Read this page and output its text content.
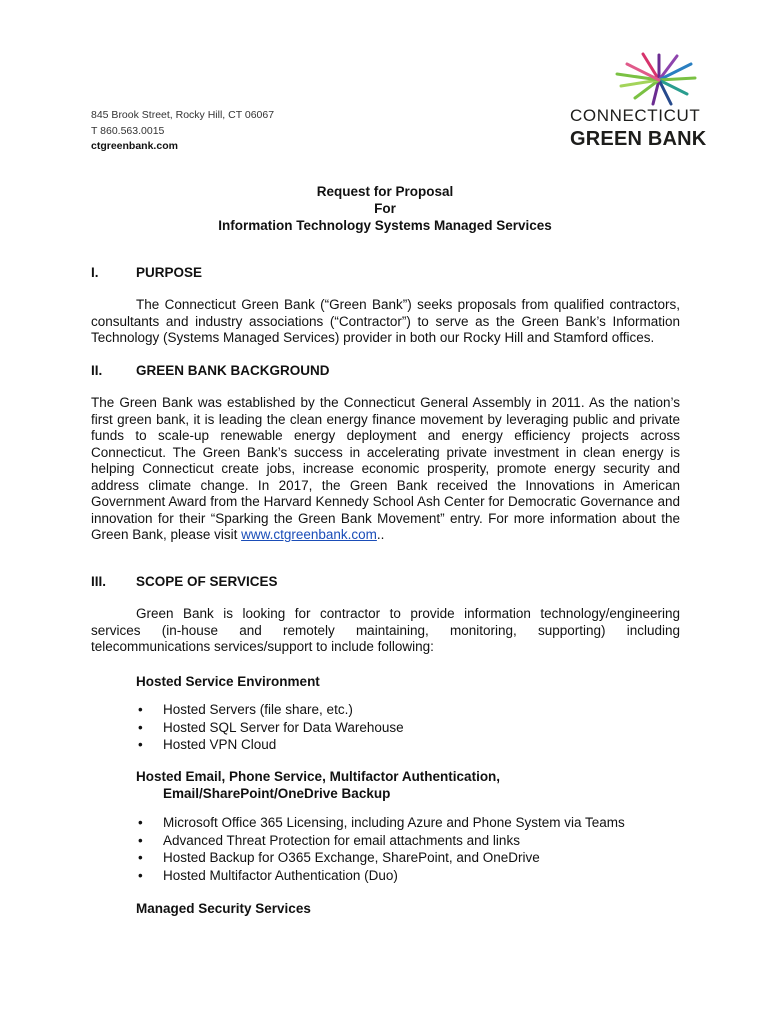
845 Brook Street, Rocky Hill, CT 06067
T 860.563.0015
ctgreenbank.com
CONNECTICUT
GREEN BANK
Request for Proposal
For
Information Technology Systems Managed Services
I.	PURPOSE
The Connecticut Green Bank (“Green Bank”) seeks proposals from qualified contractors, consultants and industry associations (“Contractor”) to serve as the Green Bank’s Information Technology (Systems Managed Services) provider in both our Rocky Hill and Stamford offices.
II. GREEN BANK BACKGROUND
The Green Bank was established by the Connecticut General Assembly in 2011. As the nation’s first green bank, it is leading the clean energy finance movement by leveraging public and private funds to scale-up renewable energy deployment and energy efficiency projects across Connecticut. The Green Bank’s success in accelerating private investment in clean energy is helping Connecticut create jobs, increase economic prosperity, promote energy security and address climate change. In 2017, the Green Bank received the Innovations in American Government Award from the Harvard Kennedy School Ash Center for Democratic Governance and innovation for their “Sparking the Green Bank Movement” entry. For more information about the Green Bank, please visit www.ctgreenbank.com..
III. SCOPE OF SERVICES
Green Bank is looking for contractor to provide information technology/engineering services (in-house and remotely maintaining, monitoring, supporting) including telecommunications services/support to include following:
Hosted Service Environment
• Hosted Servers (file share, etc.)
• Hosted SQL Server for Data Warehouse
• Hosted VPN Cloud
Hosted Email, Phone Service, Multifactor Authentication,
Email/SharePoint/OneDrive Backup
• Microsoft Office 365 Licensing, including Azure and Phone System via Teams
• Advanced Threat Protection for email attachments and links
• Hosted Backup for O365 Exchange, SharePoint, and OneDrive
• Hosted Multifactor Authentication (Duo)
Managed Security Services
